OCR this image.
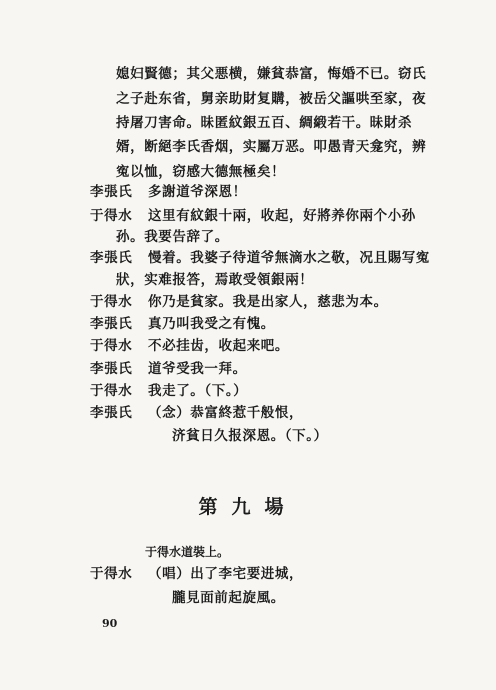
媳妇賢德；其父悪横，嫌貧恭富，悔婚不已。窃氏
之子赴东省，舅亲助財复購，被岳父謳哄至家，夜
持屠刀害命。昧匿紋銀五百、綢緞若干。昧財杀
婿，断絕李氏香烟，实屬万恶。叩愚青天龛究，辨
寃以恤，窃感大德無極矣！
李張氏 多謝道爷深恩！
于得水 这里有紋銀十兩，收起，好將养你兩个小孙
孙。我要告辞了。
李張氏 慢着。我婆子待道爷無滴水之敬，况且賜写寃
狀，实难报答，焉敢受領銀兩！
于得水 你乃是貧家。我是出家人，慈悲为本。
李張氏 真乃叫我受之有愧。
于得水 不必挂齿，收起来吧。
李張氏 道爷受我一拜。
于得水 我走了。（下。）
李張氏 （念）恭富終惹千般恨，
济貧日久报深恩。（下。）
第九場
于得水道裝上。
于得水 （唱）出了李宅要进城，
朧見面前起旋風。
90
